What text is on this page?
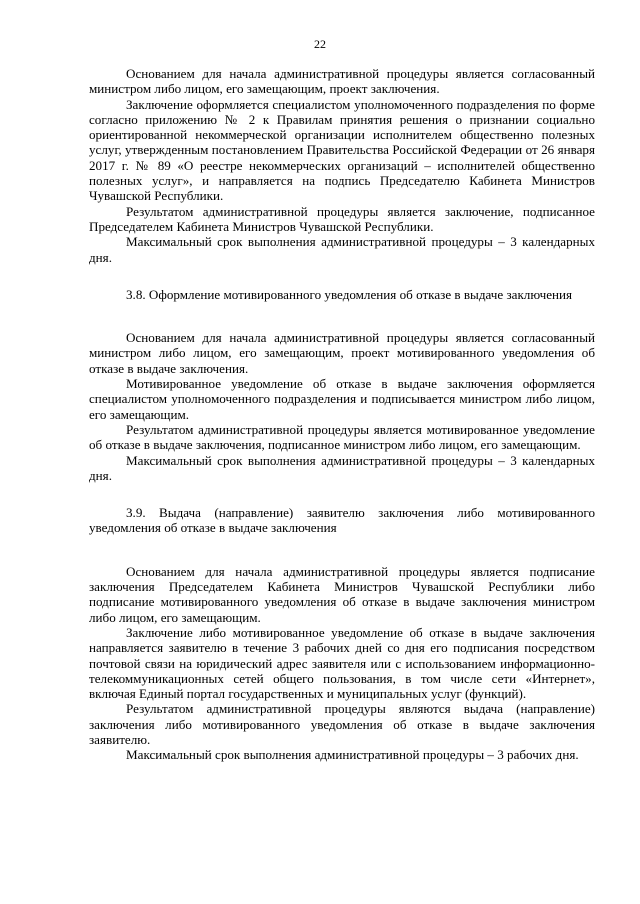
22

Основанием для начала административной процедуры является согласованный министром либо лицом, его замещающим, проект заключения.

Заключение оформляется специалистом уполномоченного подразделения по форме согласно приложению № 2 к Правилам принятия решения о признании социально ориентированной некоммерческой организации исполнителем общественно полезных услуг, утвержденным постановлением Правительства Российской Федерации от 26 января 2017 г. № 89 «О реестре некоммерческих организаций – исполнителей общественно полезных услуг», и направляется на подпись Председателю Кабинета Министров Чувашской Республики.

Результатом административной процедуры является заключение, подписанное Председателем Кабинета Министров Чувашской Республики.

Максимальный срок выполнения административной процедуры – 3 календарных дня.

3.8. Оформление мотивированного уведомления об отказе в выдаче заключения

Основанием для начала административной процедуры является согласованный министром либо лицом, его замещающим, проект мотивированного уведомления об отказе в выдаче заключения.

Мотивированное уведомление об отказе в выдаче заключения оформляется специалистом уполномоченного подразделения и подписывается министром либо лицом, его замещающим.

Результатом административной процедуры является мотивированное уведомление об отказе в выдаче заключения, подписанное министром либо лицом, его замещающим.

Максимальный срок выполнения административной процедуры – 3 календарных дня.

3.9. Выдача (направление) заявителю заключения либо мотивированного уведомления об отказе в выдаче заключения

Основанием для начала административной процедуры является подписание заключения Председателем Кабинета Министров Чувашской Республики либо подписание мотивированного уведомления об отказе в выдаче заключения министром либо лицом, его замещающим.

Заключение либо мотивированное уведомление об отказе в выдаче заключения направляется заявителю в течение 3 рабочих дней со дня его подписания посредством почтовой связи на юридический адрес заявителя или с использованием информационно-телекоммуникационных сетей общего пользования, в том числе сети «Интернет», включая Единый портал государственных и муниципальных услуг (функций).

Результатом административной процедуры являются выдача (направление) заключения либо мотивированного уведомления об отказе в выдаче заключения заявителю.

Максимальный срок выполнения административной процедуры – 3 рабочих дня.
